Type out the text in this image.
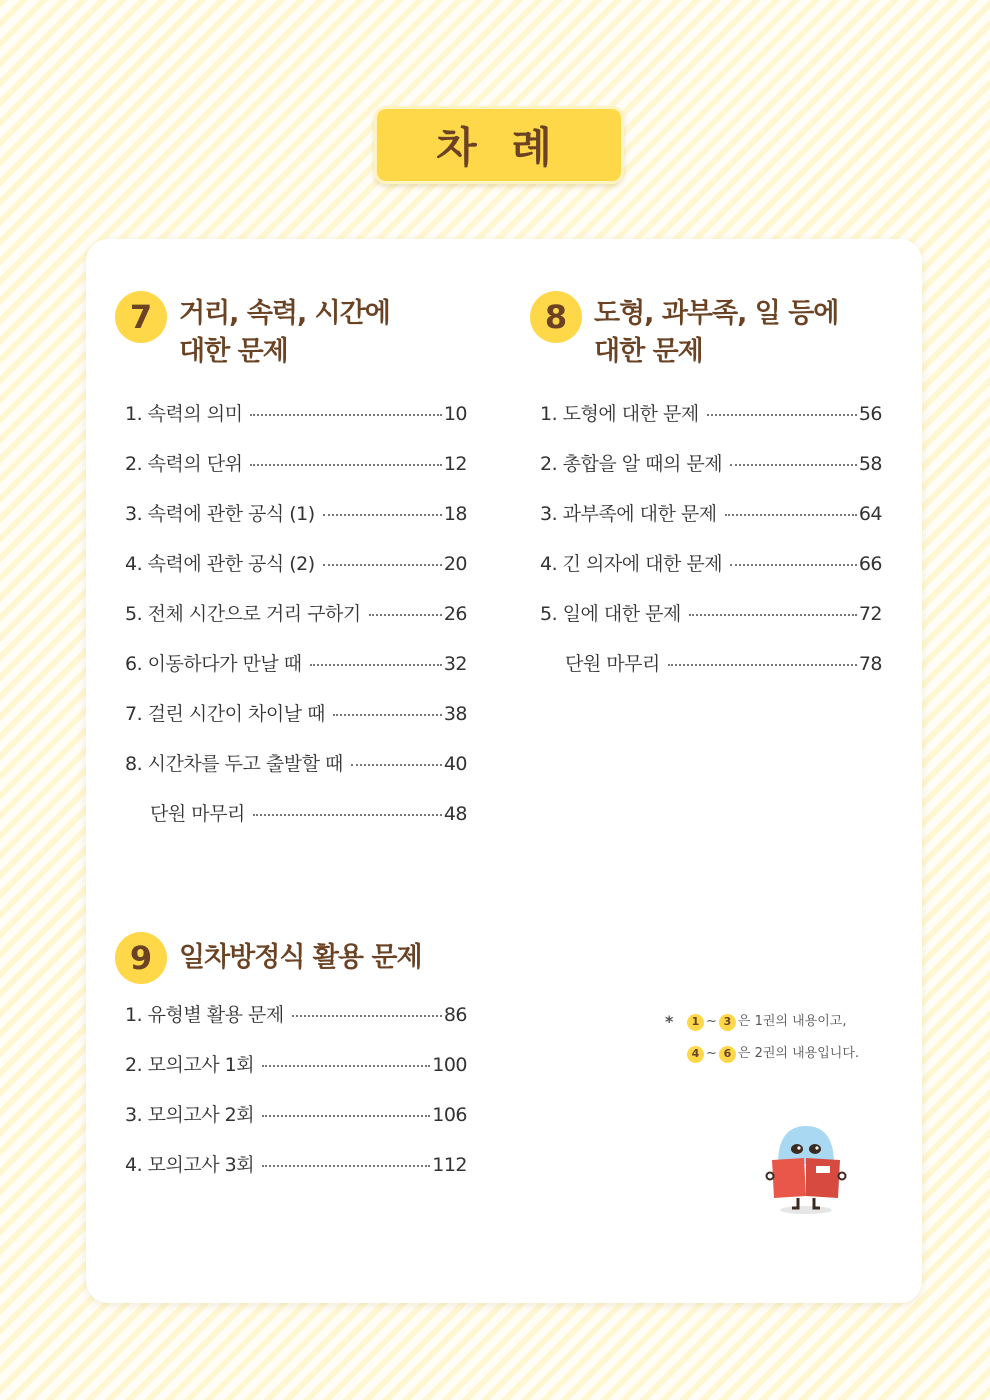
차 례
7 거리, 속력, 시간에
대한 문제
1. 속력의 의미	10
2. 속력의 단위	12
3. 속력에 관한 공식 (1)	18
4. 속력에 관한 공식 (2)	20
5. 전체 시간으로 거리 구하기	26
6. 이동하다가 만날 때	32
7. 걸린 시간이 차이날 때	38
8. 시간차를 두고 출발할 때	40
단원 마무리	48
8 도형, 과부족, 일 등에
대한 문제
1. 도형에 대한 문제	56
2. 총합을 알 때의 문제	58
3. 과부족에 대한 문제	64
4. 긴 의자에 대한 문제	66
5. 일에 대한 문제	72
단원 마무리	78
9 일차방정식 활용 문제
1. 유형별 활용 문제	86
2. 모의고사 1회	100
3. 모의고사 2회	106
4. 모의고사 3회	112
*	1 ~ 3 은 1권의 내용이고,
4 ~ 6 은 2권의 내용입니다.
